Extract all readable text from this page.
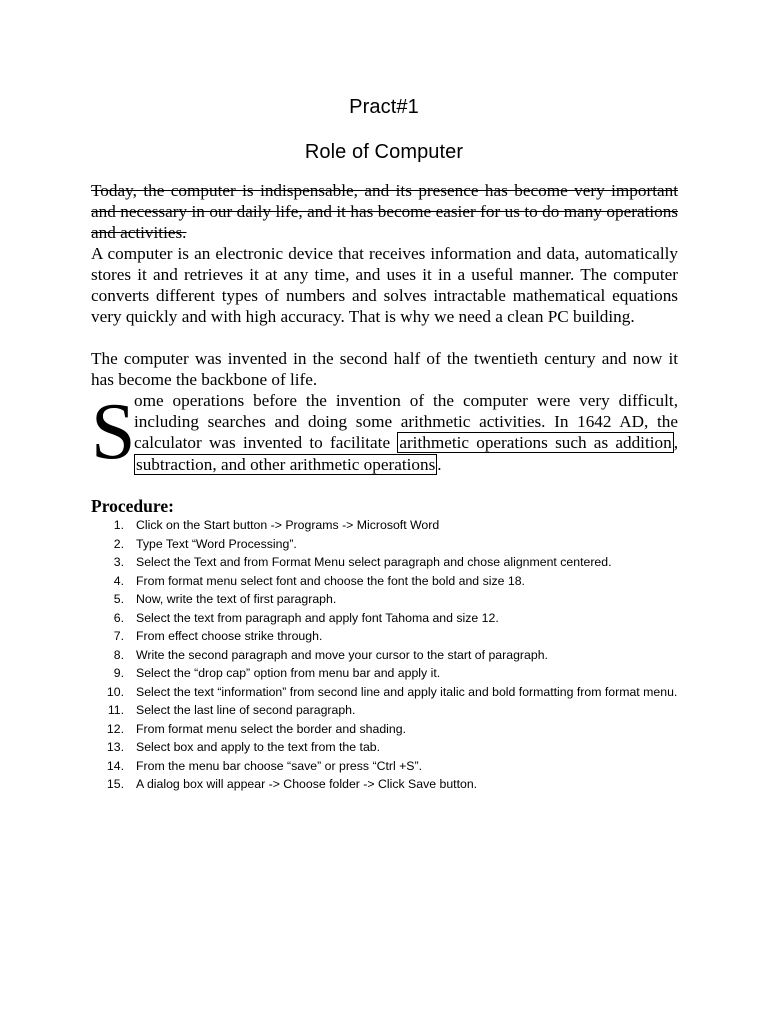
Pract#1
Role of Computer

Today, the computer is indispensable, and its presence has become very important and necessary in our daily life, and it has become easier for us to do many operations and activities.

A computer is an electronic device that receives information and data, automatically stores it and retrieves it at any time, and uses it in a useful manner. The computer converts different types of numbers and solves intractable mathematical equations very quickly and with high accuracy. That is why we need a clean PC building.

The computer was invented in the second half of the twentieth century and now it has become the backbone of life.

S
ome operations before the invention of the computer were very difficult,
including searches and doing some arithmetic activities. In 1642 AD, the
calculator was invented to facilitate arithmetic operations such as addition ,
subtraction, and other arithmetic operations .
Procedure:
1. Click on the Start button -> Programs -> Microsoft Word
2. Type Text “Word Processing”.
3. Select the Text and from Format Menu select paragraph and chose alignment centered.
4. From format menu select font and choose the font the bold and size 18.
5. Now, write the text of first paragraph.
6. Select the text from paragraph and apply font Tahoma and size 12.
7. From effect choose strike through.
8. Write the second paragraph and move your cursor to the start of paragraph.
9. Select the “drop cap” option from menu bar and apply it.
10. Select the text “information” from second line and apply italic and bold formatting from format menu.
11. Select the last line of second paragraph.
12. From format menu select the border and shading.
13. Select box and apply to the text from the tab.
14. From the menu bar choose “save” or press “Ctrl +S”.
15. A dialog box will appear -> Choose folder -> Click Save button.
